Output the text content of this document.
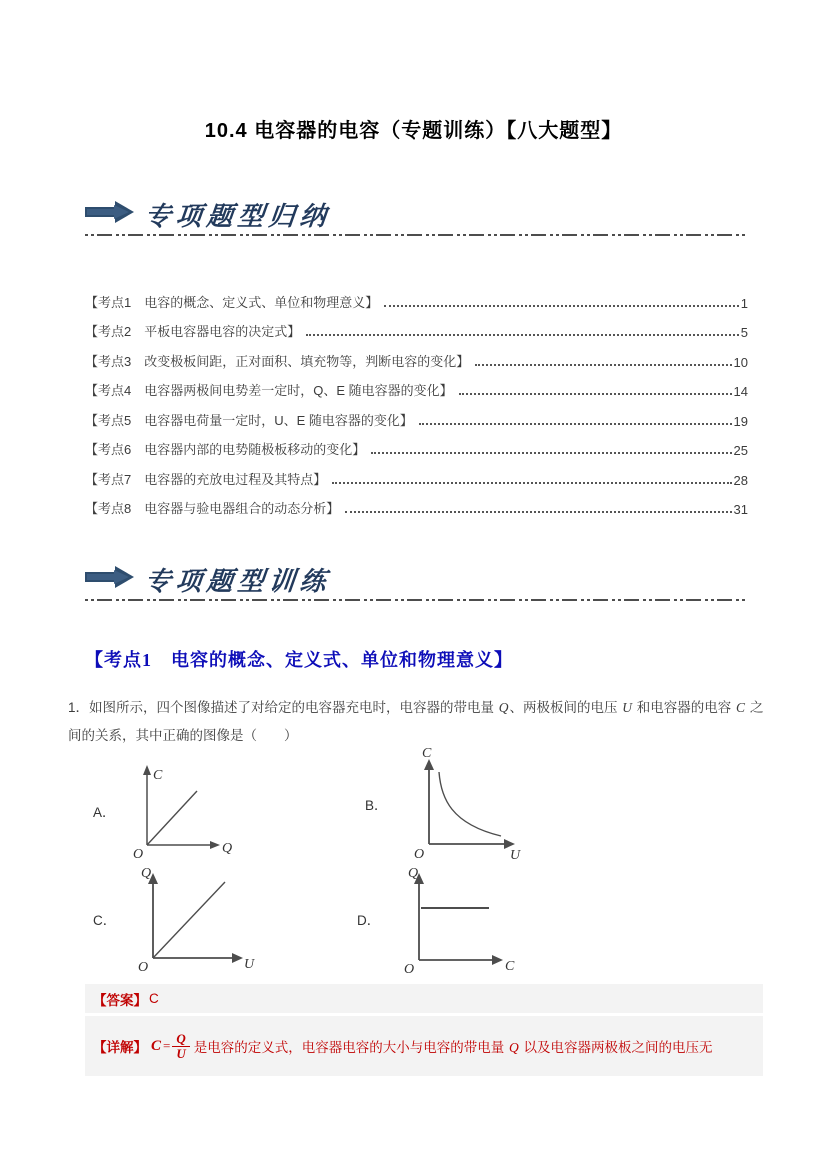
10.4 电容器的电容（专题训练）【八大题型】
专项题型归纳
【考点1　电容的概念、定义式、单位和物理意义】	1
【考点2　平板电容器电容的决定式】	5
【考点3　改变极板间距，正对面积、填充物等，判断电容的变化】	10
【考点4　电容器两极间电势差一定时，Q、E 随电容器的变化】	14
【考点5　电容器电荷量一定时，U、E 随电容器的变化】	19
【考点6　电容器内部的电势随极板移动的变化】	25
【考点7　电容器的充放电过程及其特点】	28
【考点8　电容器与验电器组合的动态分析】	31
专项题型训练
【考点1　电容的概念、定义式、单位和物理意义】
1．如图所示，四个图像描述了对给定的电容器充电时，电容器的带电量 Q、两极板间的电压 U 和电容器的电容 C 之间的关系，其中正确的图像是（　　）
A．
C
Q
O
B．
C
U
O
C．
Q
U
O
D．
Q
C
O
【答案】 C
【详解】 $C = \frac{Q}{U}$ 是电容的定义式，电容器电容的大小与电容的带电量 Q 以及电容器两极板之间的电压无
